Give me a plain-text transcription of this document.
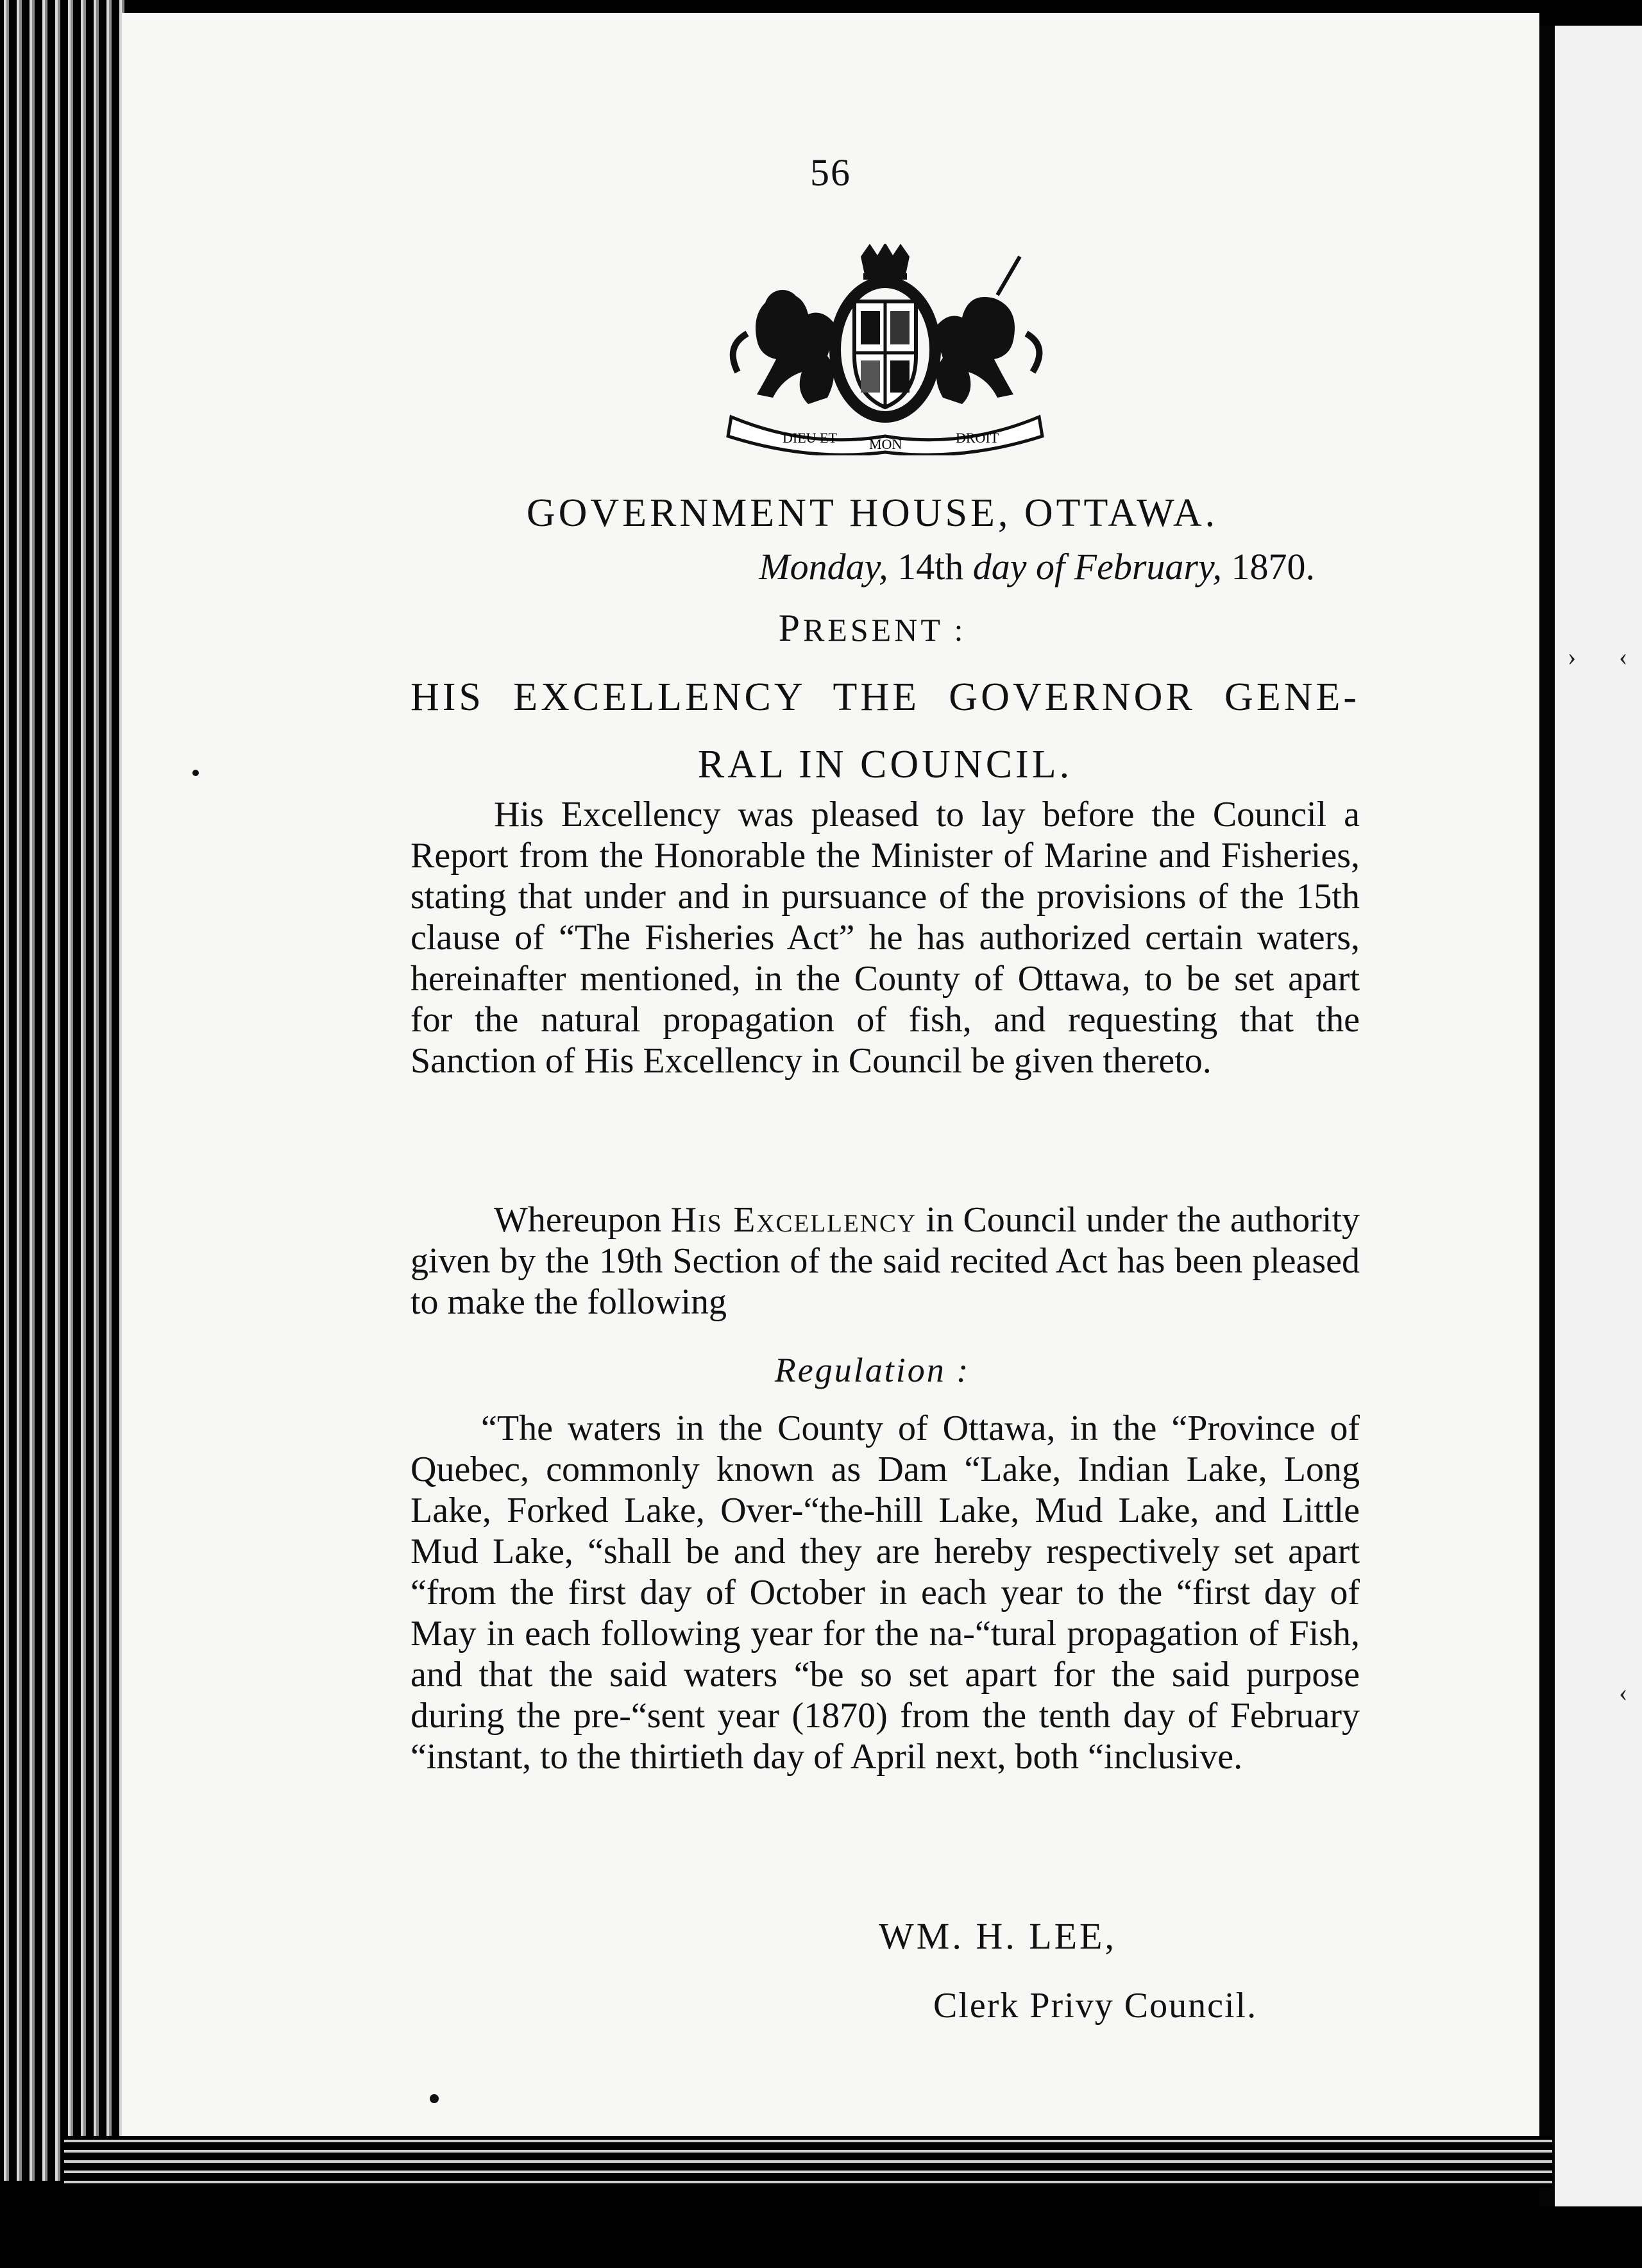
› ‹
‹
56
DIEU ET MON	DROIT
GOVERNMENT HOUSE, OTTAWA.
Monday, 14th day of February, 1870.
PRESENT :
HIS EXCELLENCY THE GOVERNOR GENE-RAL IN COUNCIL.
His Excellency was pleased to lay before the Council a Report from the Honorable the Minister of Marine and Fisheries, stating that under and in pursuance of the provisions of the 15th clause of “The Fisheries Act” he has authorized certain waters, hereinafter mentioned, in the County of Ottawa, to be set apart for the natural propagation of fish, and requesting that the Sanction of His Excellency in Council be given thereto.
Whereupon His Excellency in Council under the authority given by the 19th Section of the said recited Act has been pleased to make the following
Regulation :
“The waters in the County of Ottawa, in the “Province of Quebec, commonly known as Dam “Lake, Indian Lake, Long Lake, Forked Lake, Over-“the-hill Lake, Mud Lake, and Little Mud Lake, “shall be and they are hereby respectively set apart “from the first day of October in each year to the “first day of May in each following year for the na-“tural propagation of Fish, and that the said waters “be so set apart for the said purpose during the pre-“sent year (1870) from the tenth day of February “instant, to the thirtieth day of April next, both “inclusive.
WM. H. LEE,
Clerk Privy Council.
